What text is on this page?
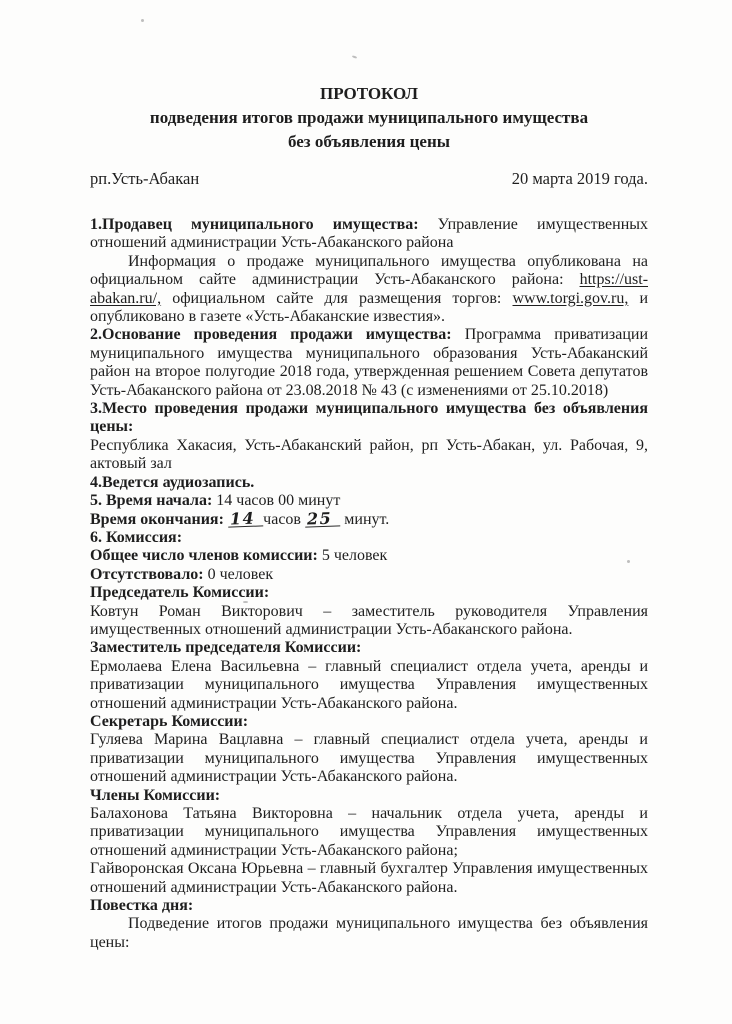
ПРОТОКОЛ
подведения итогов продажи муниципального имущества
без объявления цены
рп.Усть-Абакан	20 марта 2019 года.

1.Продавец муниципального имущества: Управление имущественных отношений администрации Усть-Абаканского района

Информация о продаже муниципального имущества опубликована на официальном сайте администрации Усть-Абаканского района: https://ust-abakan.ru/, официальном сайте для размещения торгов: www.torgi.gov.ru, и опубликовано в газете «Усть-Абаканские известия».

2.Основание проведения продажи имущества: Программа приватизации муниципального имущества муниципального образования Усть-Абаканский район на второе полугодие 2018 года, утвержденная решением Совета депутатов Усть-Абаканского района от 23.08.2018 № 43 (с изменениями от 25.10.2018)

3.Место проведения продажи муниципального имущества без объявления цены:

Республика Хакасия, Усть-Абаканский район, рп Усть-Абакан, ул. Рабочая, 9, актовый зал

4.Ведется аудиозапись.

5. Время начала: 14 часов 00 минут

Время окончания: 14 часов 25 минут.

6. Комиссия:

Общее число членов комиссии: 5 человек

Отсутствовало: 0 человек

Председатель Комиссии:

Ковтун Роман Викторович – заместитель руководителя Управления имущественных отношений администрации Усть-Абаканского района.

Заместитель председателя Комиссии:

Ермолаева Елена Васильевна – главный специалист отдела учета, аренды и приватизации муниципального имущества Управления имущественных отношений администрации Усть-Абаканского района.

Секретарь Комиссии:

Гуляева Марина Вацлавна – главный специалист отдела учета, аренды и приватизации муниципального имущества Управления имущественных отношений администрации Усть-Абаканского района.

Члены Комиссии:

Балахонова Татьяна Викторовна – начальник отдела учета, аренды и приватизации муниципального имущества Управления имущественных отношений администрации Усть-Абаканского района;

Гайворонская Оксана Юрьевна – главный бухгалтер Управления имущественных отношений администрации Усть-Абаканского района.

Повестка дня:

Подведение итогов продажи муниципального имущества без объявления цены:
